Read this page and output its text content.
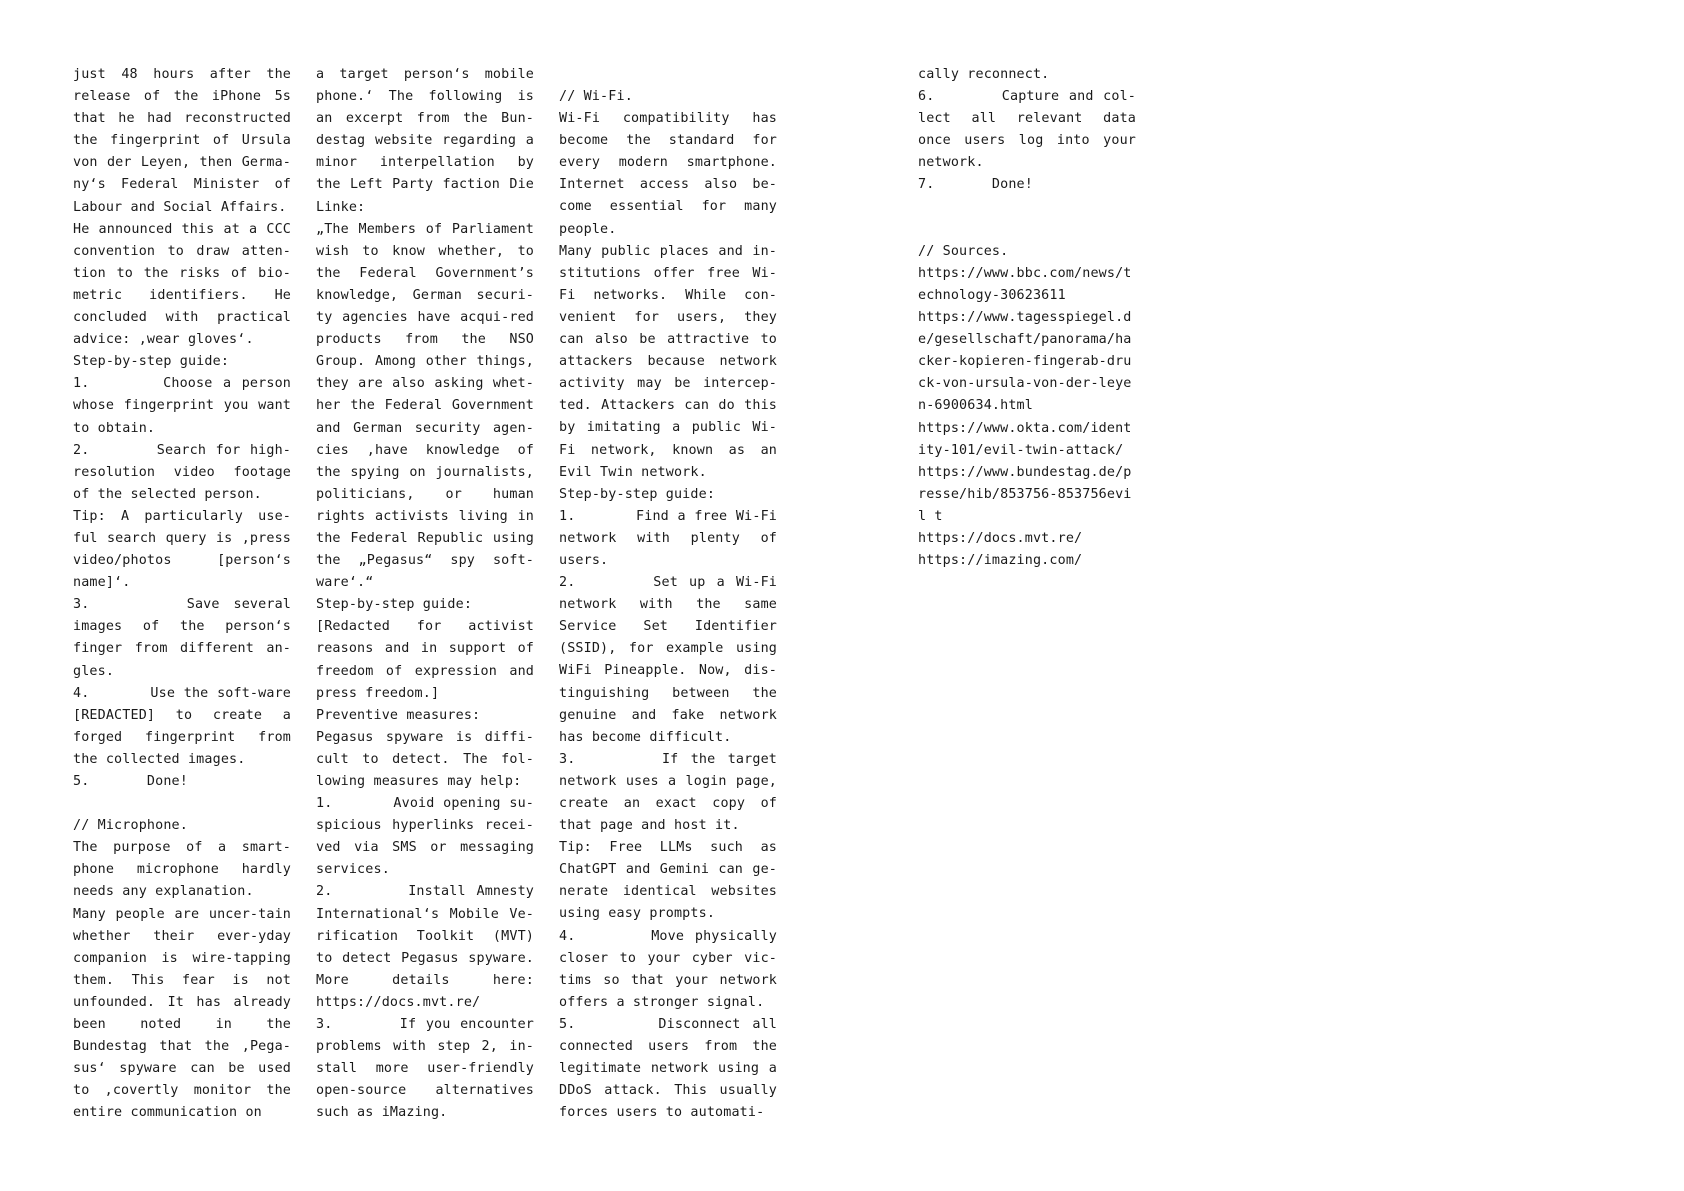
just 48 hours after the release of the iPhone 5s that he had reconstructed the fingerprint of Ursula von der Leyen, then Germa-ny‘s Federal Minister of Labour and Social Affairs.

He announced this at a CCC convention to draw atten-tion to the risks of bio-metric identifiers. He concluded with practical advice: ‚wear gloves‘.

Step-by-step guide:

1.       Choose a person whose fingerprint you want to obtain.

2.       Search for high-resolution video footage of the selected person.

Tip: A particularly use-ful search query is ‚press video/photos [person‘s name]‘.

3.       Save several images of the person‘s finger from different an-gles.

4.       Use the soft-ware [REDACTED] to create a forged fingerprint from the collected images.

5.       Done!

// Microphone.

The purpose of a smart-phone microphone hardly needs any explanation.

Many people are uncer-tain whether their ever-yday companion is wire-tapping them. This fear is not unfounded. It has already been noted in the Bundestag that the ‚Pega-sus‘ spyware can be used to ‚covertly monitor the entire communication on

a target person‘s mobile phone.‘ The following is an excerpt from the Bun-destag website regarding a minor interpellation by the Left Party faction Die Linke:

„The Members of Parliament wish to know whether, to the Federal Government’s knowledge, German securi-ty agencies have acqui-red products from the NSO Group. Among other things, they are also asking whet-her the Federal Government and German security agen-cies ‚have knowledge of the spying on journalists, politicians, or human rights activists living in the Federal Republic using the „Pegasus“ spy soft-ware‘.“

Step-by-step guide:

[Redacted for activist reasons and in support of freedom of expression and press freedom.]

Preventive measures:

Pegasus spyware is diffi-cult to detect. The fol-lowing measures may help:

1.       Avoid opening su-spicious hyperlinks recei-ved via SMS or messaging services.

2.       Install Amnesty International‘s Mobile Ve-rification Toolkit (MVT) to detect Pegasus spyware. More details here: https://docs.mvt.re/

3.       If you encounter problems with step 2, in-stall more user-friendly open-source alternatives such as iMazing.

// Wi-Fi.

Wi-Fi compatibility has become the standard for every modern smartphone. Internet access also be-come essential for many people.

Many public places and in-stitutions offer free Wi-Fi networks. While con-venient for users, they can also be attractive to attackers because network activity may be intercep-ted. Attackers can do this by imitating a public Wi-Fi network, known as an Evil Twin network.

Step-by-step guide:

1.       Find a free Wi-Fi network with plenty of users.

2.       Set up a Wi-Fi network with the same Service Set Identifier (SSID), for example using WiFi Pineapple. Now, dis-tinguishing between the genuine and fake network has become difficult.

3.       If the target network uses a login page, create an exact copy of that page and host it.

Tip: Free LLMs such as ChatGPT and Gemini can ge-nerate identical websites using easy prompts.

4.       Move physically closer to your cyber vic-tims so that your network offers a stronger signal.

5.       Disconnect all connected users from the legitimate network using a DDoS attack. This usually forces users to automati-

cally reconnect.

6.       Capture and col-lect all relevant data once users log into your network.

7.       Done!

// Sources.

https://www.bbc.com/news/technology-30623611

https://www.tagesspiegel.de/gesellschaft/panorama/hacker-kopieren-fingerab-druck-von-ursula-von-der-leyen-6900634.html

https://www.okta.com/identity-101/evil-twin-attack/

https://www.bundestag.de/presse/hib/853756-853756evil t

https://docs.mvt.re/

https://imazing.com/
